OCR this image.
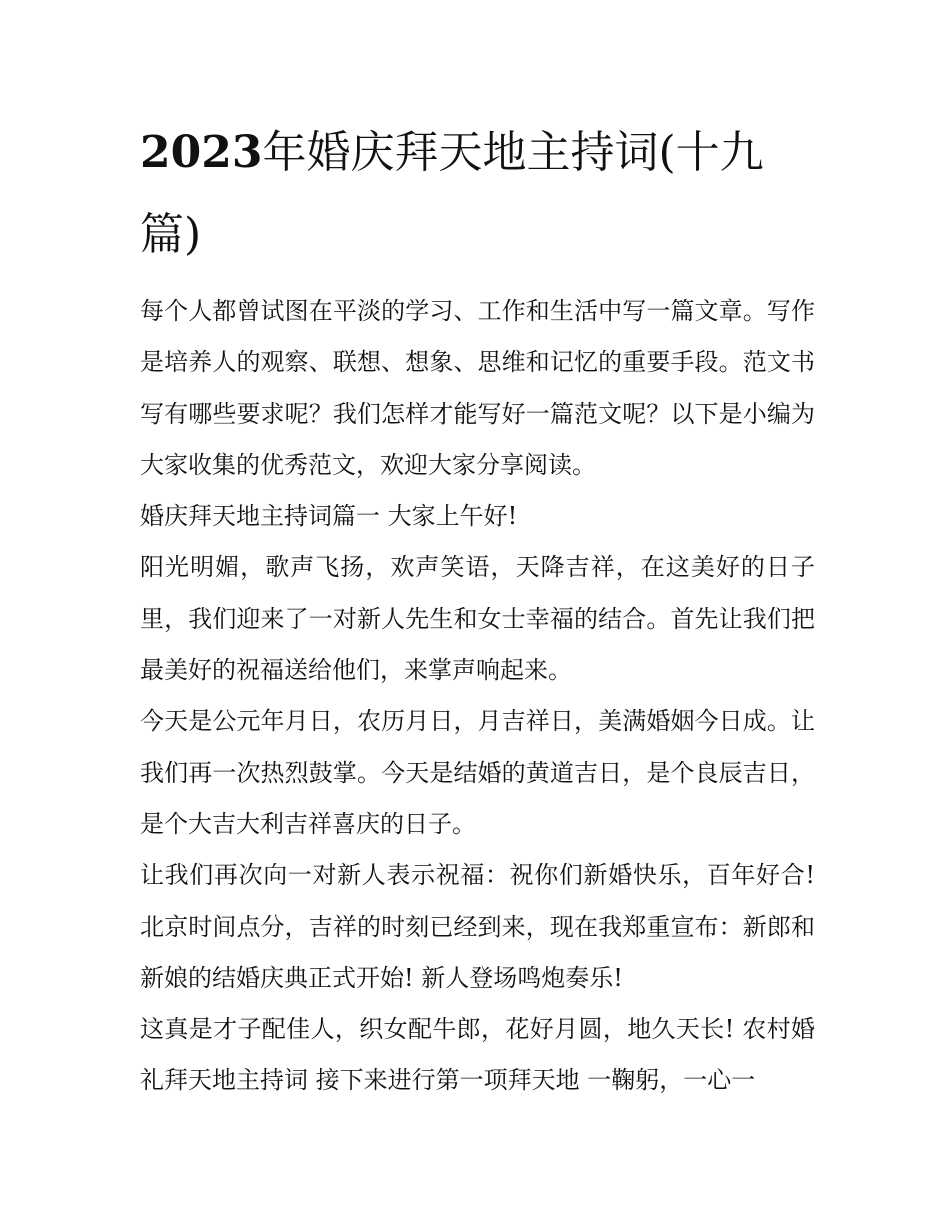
2023年婚庆拜天地主持词(十九篇)

每个人都曾试图在平淡的学习、工作和生活中写一篇文章。写作是培养人的观察、联想、想象、思维和记忆的重要手段。范文书写有哪些要求呢？我们怎样才能写好一篇范文呢？以下是小编为大家收集的优秀范文，欢迎大家分享阅读。

婚庆拜天地主持词篇一 大家上午好!

阳光明媚，歌声飞扬，欢声笑语，天降吉祥，在这美好的日子里，我们迎来了一对新人先生和女士幸福的结合。首先让我们把最美好的祝福送给他们，来掌声响起来。

今天是公元年月日，农历月日，月吉祥日，美满婚姻今日成。让我们再一次热烈鼓掌。今天是结婚的黄道吉日，是个良辰吉日，是个大吉大利吉祥喜庆的日子。

让我们再次向一对新人表示祝福：祝你们新婚快乐，百年好合!北京时间点分，吉祥的时刻已经到来，现在我郑重宣布：新郎和新娘的结婚庆典正式开始! 新人登场鸣炮奏乐!

这真是才子配佳人，织女配牛郎，花好月圆，地久天长! 农村婚礼拜天地主持词 接下来进行第一项拜天地 一鞠躬，一心一
